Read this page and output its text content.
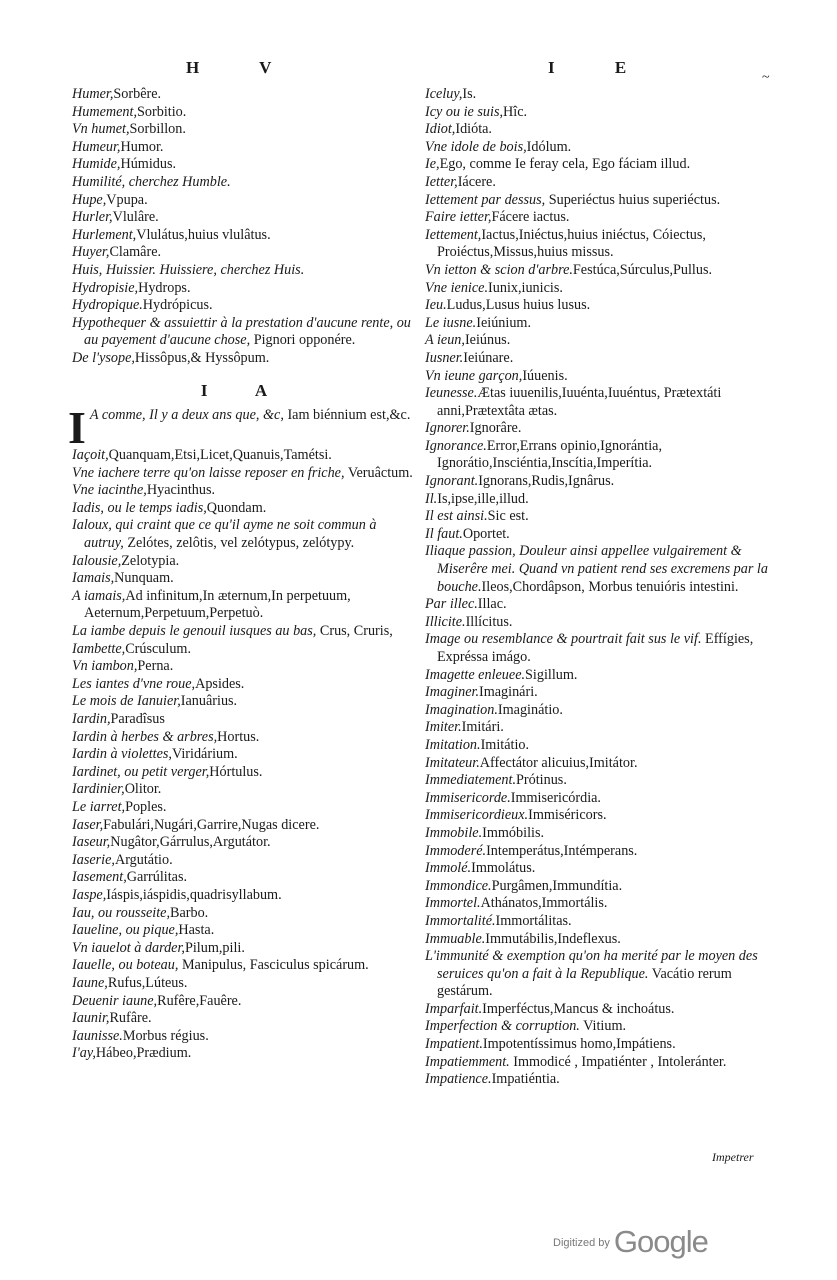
H V	I E
~

Humer,Sorbêre.

Humement,Sorbitio.

Vn humet,Sorbillon.

Humeur,Humor.

Humide,Húmidus.

Humilité, cherchez Humble.

Hupe,Vpupa.

Hurler,Vlulâre.

Hurlement,Vlulátus,huius vlulâtus.

Huyer,Clamâre.

Huis, Huissier. Huissiere, cherchez Huis.

Hydropisie,Hydrops.

Hydropique.Hydrópicus.

Hypothequer & assuiettir à la prestation d'aucune rente, ou au payement d'aucune chose, Pignori opponére.

De l'ysope,Hissôpus,& Hyssôpum.

I A

I A comme, Il y a deux ans que, &c, Iam biénnium est,&c.

Iaçoit,Quanquam,Etsi,Licet,Quanuis,Tamétsi.

Vne iachere terre qu'on laisse reposer en friche, Veruâctum.

Vne iacinthe,Hyacinthus.

Iadis, ou le temps iadis,Quondam.

Ialoux, qui craint que ce qu'il ayme ne soit commun à autruy, Zelótes, zelôtis, vel zelótypus, zelótypy.

Ialousie,Zelotypia.

Iamais,Nunquam.

A iamais,Ad infinitum,In æternum,In perpetuum, Aeternum,Perpetuum,Perpetuò.

La iambe depuis le genouil iusques au bas, Crus, Cruris,

Iambette,Crúsculum.

Vn iambon,Perna.

Les iantes d'vne roue,Apsides.

Le mois de Ianuier,Ianuârius.

Iardin,Paradîsus

Iardin à herbes & arbres,Hortus.

Iardin à violettes,Viridárium.

Iardinet, ou petit verger,Hórtulus.

Iardinier,Olitor.

Le iarret,Poples.

Iaser,Fabulári,Nugári,Garrire,Nugas dicere.

Iaseur,Nugâtor,Gárrulus,Argutátor.

Iaserie,Argutátio.

Iasement,Garrúlitas.

Iaspe,Iáspis,iáspidis,quadrisyllabum.

Iau, ou rousseite,Barbo.

Iaueline, ou pique,Hasta.

Vn iauelot à darder,Pilum,pili.

Iauelle, ou boteau, Manipulus, Fasciculus spicárum.

Iaune,Rufus,Lúteus.

Deuenir iaune,Rufêre,Fauêre.

Iaunir,Rufâre.

Iaunisse.Morbus régius.

I'ay,Hábeo,Prædium.

Iceluy,Is.

Icy ou ie suis,Hîc.

Idiot,Idióta.

Vne idole de bois,Idólum.

Ie,Ego, comme Ie feray cela, Ego fáciam illud.

Ietter,Iácere.

Iettement par dessus, Superiéctus huius superiéctus.

Faire ietter,Fácere iactus.

Iettement,Iactus,Iniéctus,huius iniéctus, Cóiectus, Proiéctus,Missus,huius missus.

Vn ietton & scion d'arbre.Festúca,Súrculus,Pullus.

Vne ienice.Iunix,iunicis.

Ieu.Ludus,Lusus huius lusus.

Le iusne.Ieiúnium.

A ieun,Ieiúnus.

Iusner.Ieiúnare.

Vn ieune garçon,Iúuenis.

Ieunesse.Ætas iuuenilis,Iuuénta,Iuuéntus, Prætextáti anni,Prætextâta ætas.

Ignorer.Ignorâre.

Ignorance.Error,Errans opinio,Ignorántia, Ignorátio,Insciéntia,Inscítia,Imperítia.

Ignorant.Ignorans,Rudis,Ignârus.

Il.Is,ipse,ille,illud.

Il est ainsi.Sic est.

Il faut.Oportet.

Iliaque passion, Douleur ainsi appellee vulgairement & Miserêre mei. Quand vn patient rend ses excremens par la bouche.Ileos,Chordâpson, Morbus tenuióris intestini.

Par illec.Illac.

Illicite.Illícitus.

Image ou resemblance & pourtrait fait sus le vif. Effígies, Expréssa imágo.

Imagette enleuee.Sigillum.

Imaginer.Imaginári.

Imagination.Imaginátio.

Imiter.Imitári.

Imitation.Imitátio.

Imitateur.Affectátor alicuius,Imitátor.

Immediatement.Prótinus.

Immisericorde.Immisericórdia.

Immisericordieux.Immiséricors.

Immobile.Immóbilis.

Immoderé.Intemperátus,Intémperans.

Immolé.Immolátus.

Immondice.Purgâmen,Immundítia.

Immortel.Athánatos,Immortális.

Immortalité.Immortálitas.

Immuable.Immutábilis,Indeflexus.

L'immunité & exemption qu'on ha merité par le moyen des seruices qu'on a fait à la Republique. Vacátio rerum gestárum.

Imparfait.Imperféctus,Mancus & inchoátus.

Imperfection & corruption. Vitium.

Impatient.Impotentíssimus homo,Impátiens.

Impatiemment. Immodicé , Impatiénter , Intoleránter.

Impatience.Impatiéntia.

Impetrer
$^{Digitized by}$ Google
